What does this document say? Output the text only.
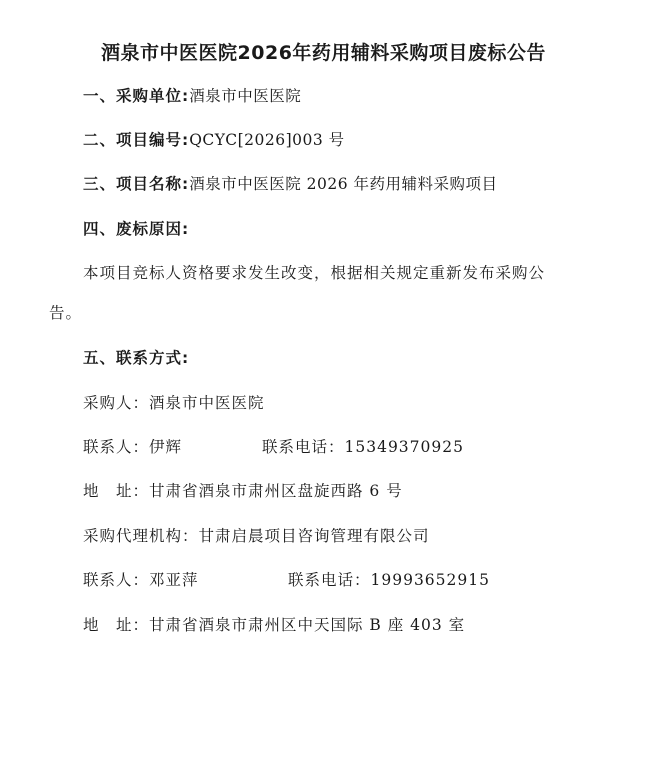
酒泉市中医医院2026年药用辅料采购项目废标公告
一、采购单位:酒泉市中医医院
二、项目编号:QCYC[2026]003 号
三、项目名称:酒泉市中医医院 2026 年药用辅料采购项目
四、废标原因:
本项目竞标人资格要求发生改变，根据相关规定重新发布采购公
告。
五、联系方式:
采购人：酒泉市中医医院
联系人：伊辉	联系电话：15349370925
地　址：甘肃省酒泉市肃州区盘旋西路 6 号
采购代理机构：甘肃启晨项目咨询管理有限公司
联系人：邓亚萍	联系电话：19993652915
地　址：甘肃省酒泉市肃州区中天国际 B 座 403 室
